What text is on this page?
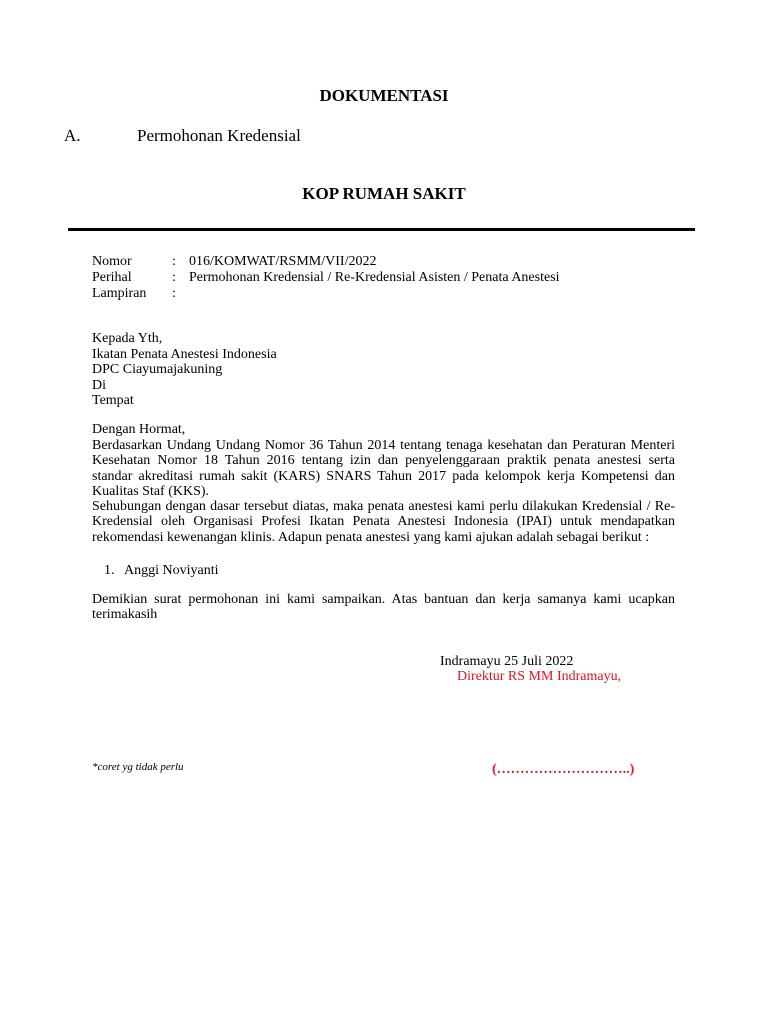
DOKUMENTASI
A.	Permohonan Kredensial
KOP RUMAH SAKIT
Nomor	: 016/KOMWAT/RSMM/VII/2022
Perihal	: Permohonan Kredensial / Re-Kredensial Asisten / Penata Anestesi
Lampiran :
Kepada Yth,
Ikatan Penata Anestesi Indonesia
DPC Ciayumajakuning
Di
Tempat
Dengan Hormat,
Berdasarkan Undang Undang Nomor 36 Tahun 2014 tentang tenaga kesehatan dan Peraturan Menteri Kesehatan Nomor 18 Tahun 2016 tentang izin dan penyelenggaraan praktik penata anestesi serta standar akreditasi rumah sakit (KARS) SNARS Tahun 2017 pada kelompok kerja Kompetensi dan Kualitas Staf (KKS).
Sehubungan dengan dasar tersebut diatas, maka penata anestesi kami perlu dilakukan Kredensial / Re-Kredensial oleh Organisasi Profesi Ikatan Penata Anestesi Indonesia (IPAI) untuk mendapatkan rekomendasi kewenangan klinis. Adapun penata anestesi yang kami ajukan adalah sebagai berikut :
1. Anggi Noviyanti
Demikian surat permohonan ini kami sampaikan. Atas bantuan dan kerja samanya kami ucapkan terimakasih
Indramayu 25 Juli 2022
Direktur RS MM Indramayu,
*coret yg tidak perlu	(………………………..)
